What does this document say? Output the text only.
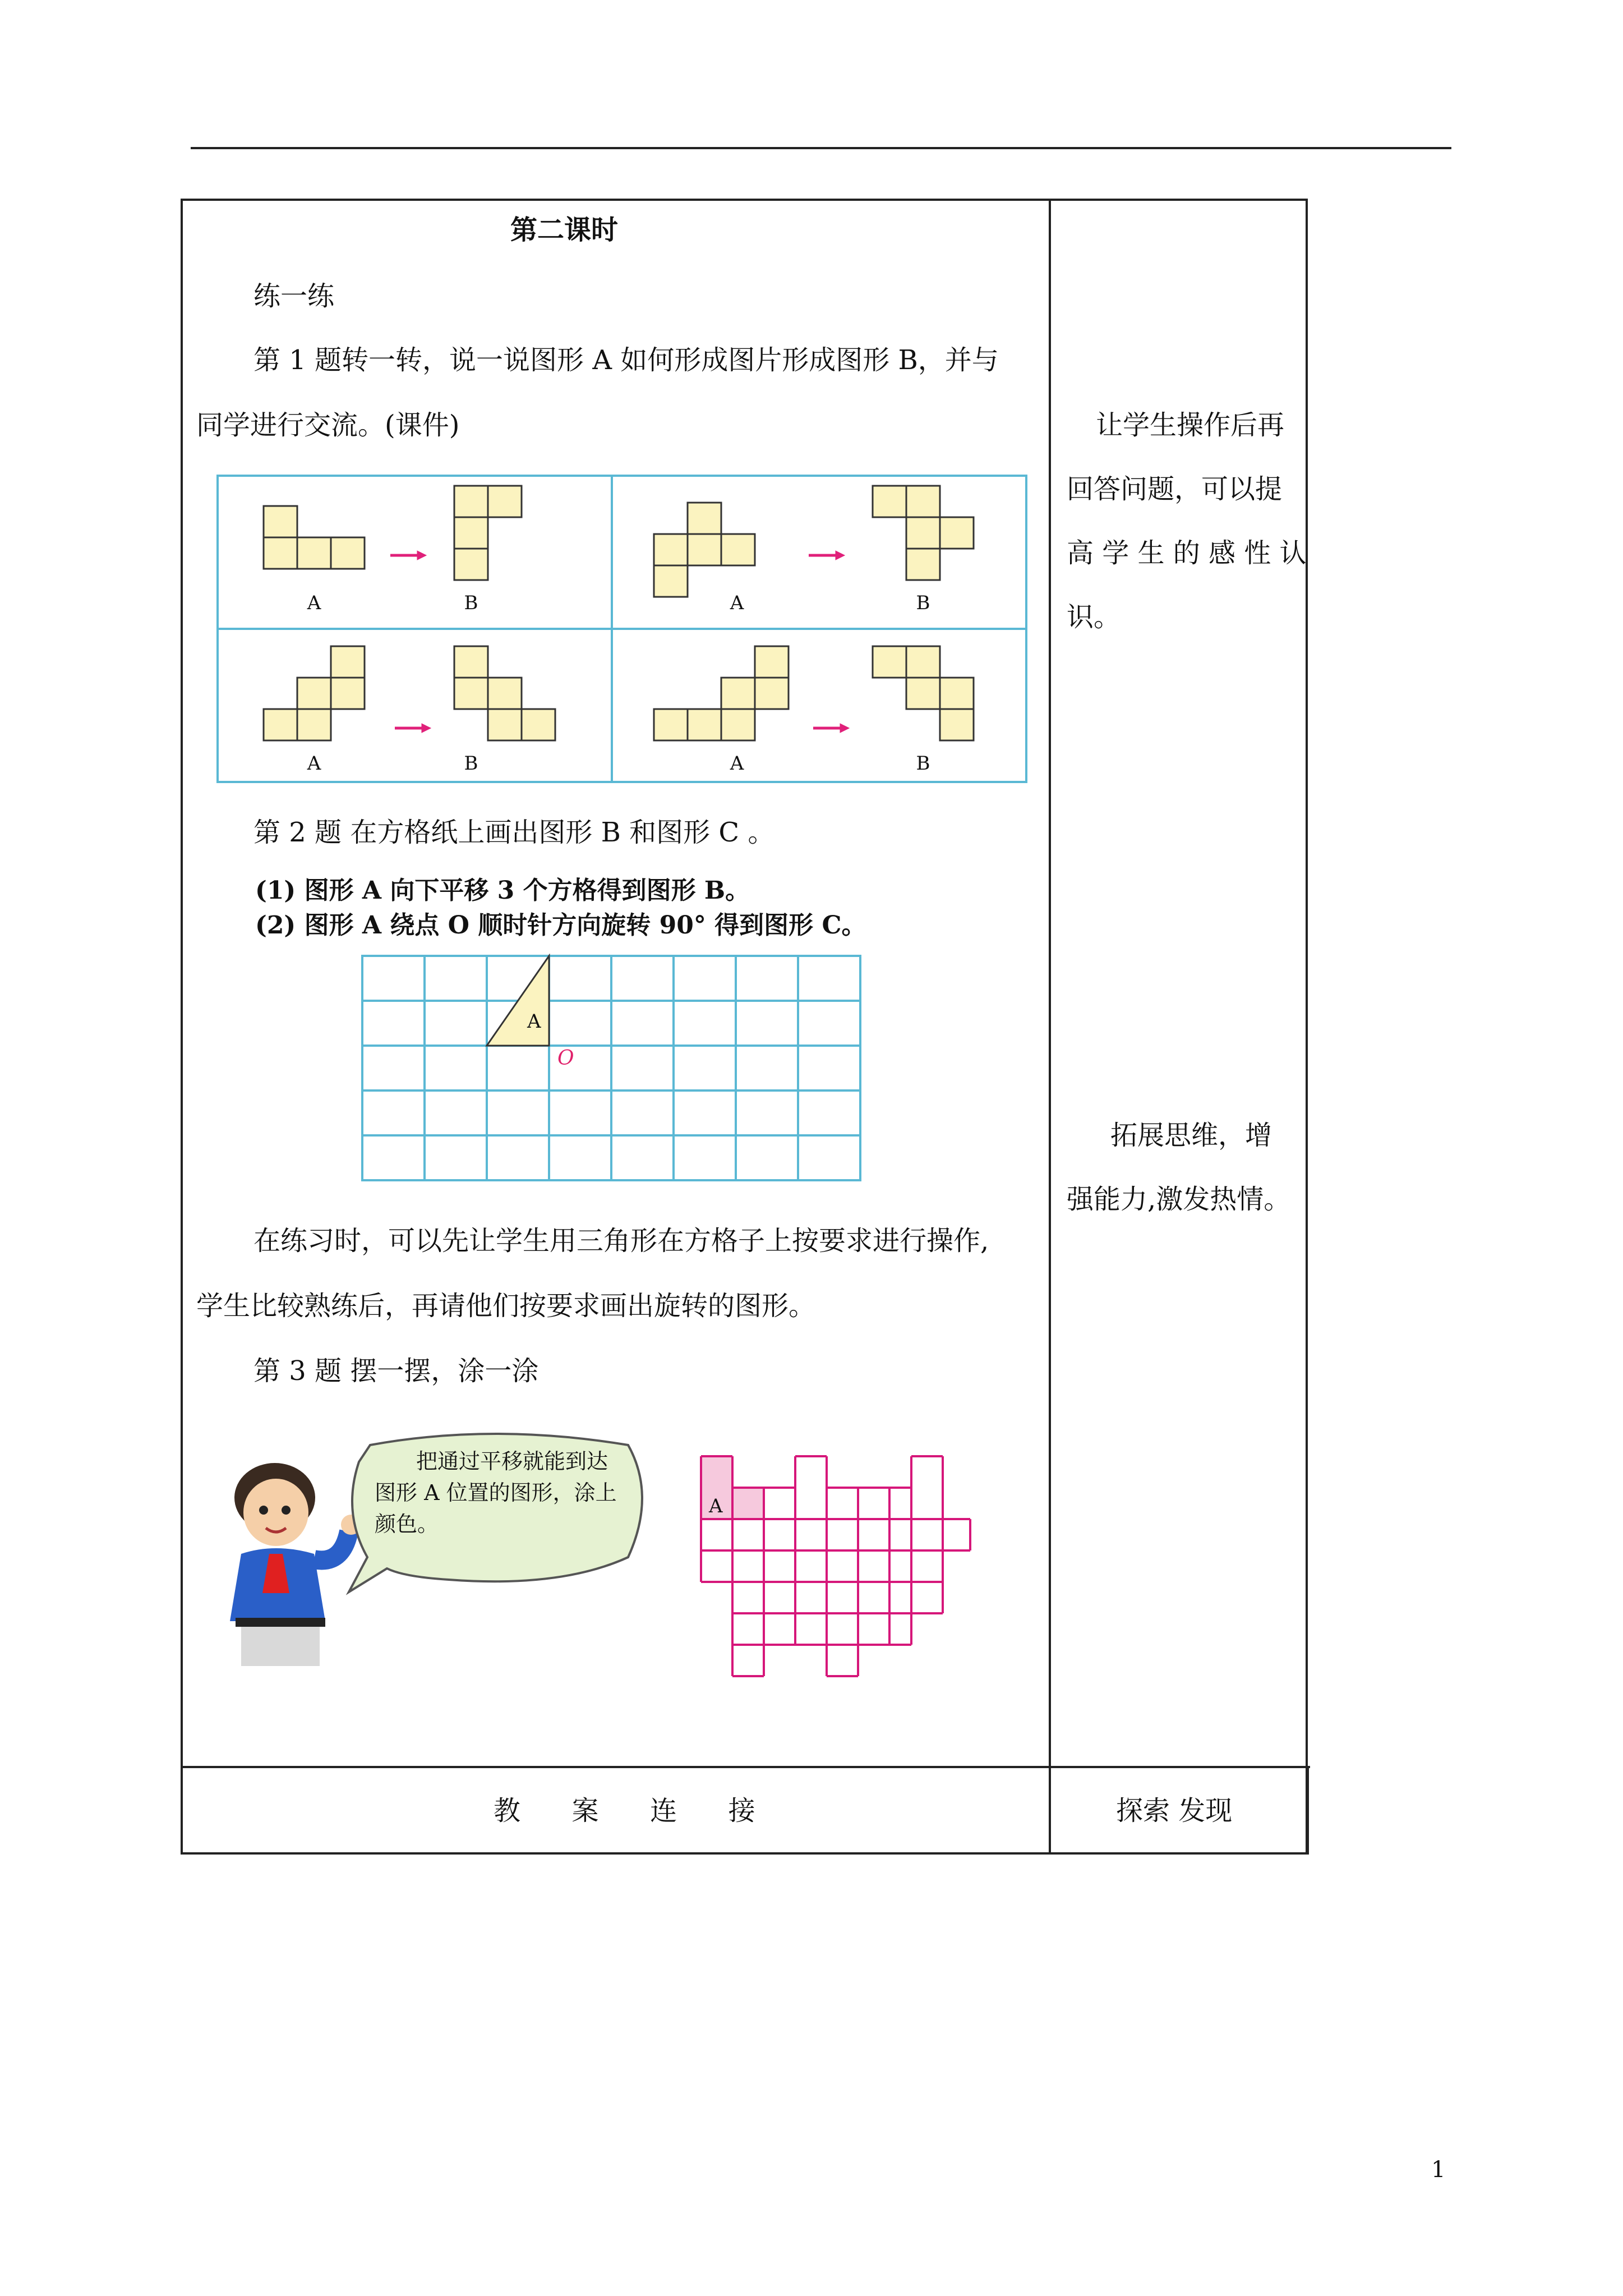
第二课时
练一练
第 1 题转一转，说一说图形 A 如何形成图片形成图形 B，并与
同学进行交流。(课件)
A	B	A	B
A	B	A	B
第 2 题 在方格纸上画出图形 B 和图形 C 。
(1) 图形 A 向下平移 3 个方格得到图形 B。
(2) 图形 A 绕点 O 顺时针方向旋转 90° 得到图形 C。
A
O
在练习时，可以先让学生用三角形在方格子上按要求进行操作,
学生比较熟练后，再请他们按要求画出旋转的图形。
第 3 题 摆一摆，涂一涂
把通过平移就能到达
图形 A 位置的图形，涂上
颜色。
A
让学生操作后再
回答问题，可以提
高 学 生 的 感 性 认
识。
拓展思维，增
强能力,激发热情。
教      案      连      接	探索 发现
1
